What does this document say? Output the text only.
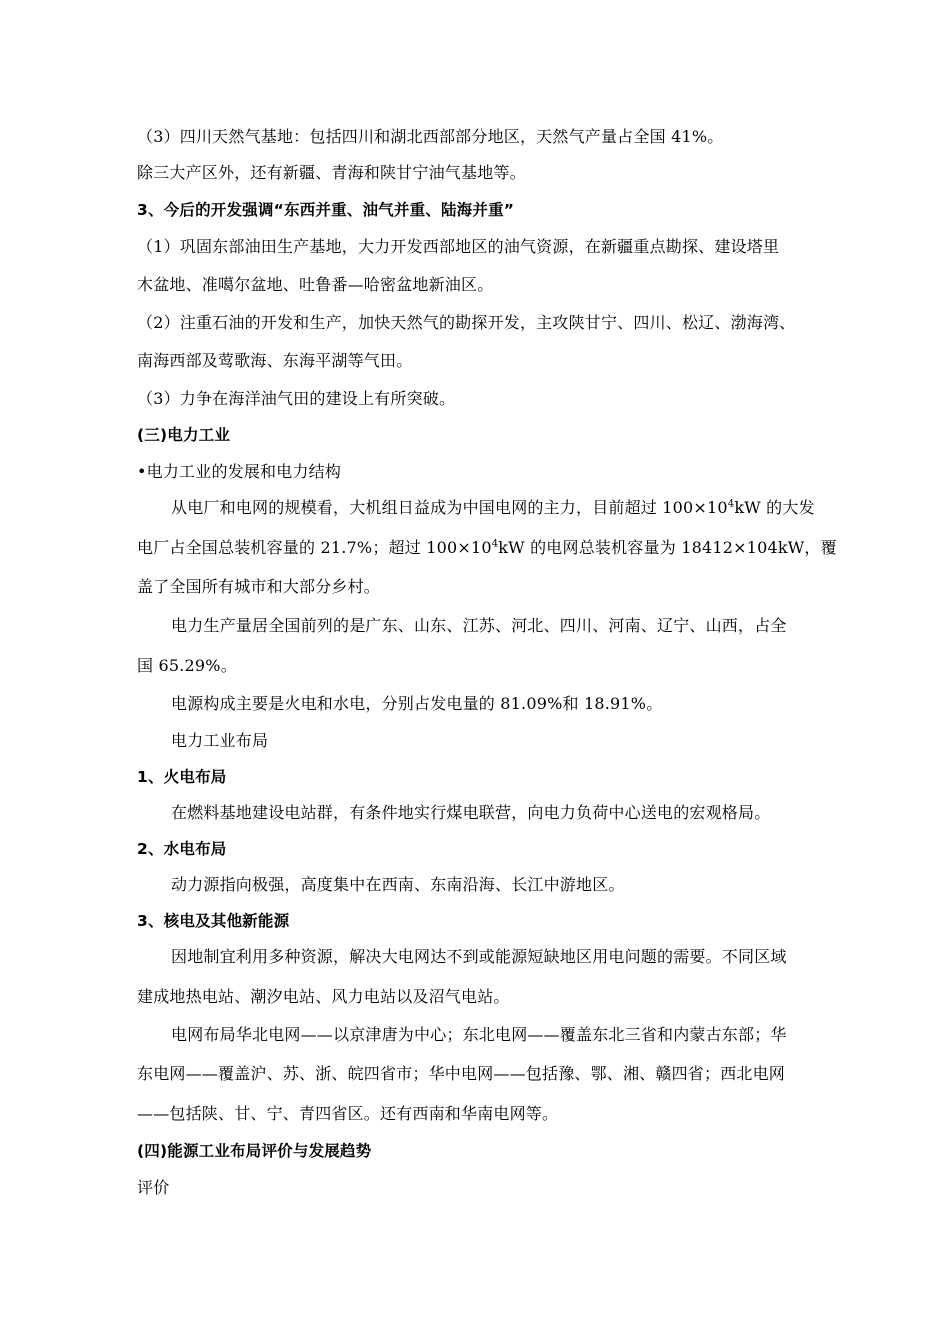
（3）四川天然气基地：包括四川和湖北西部部分地区，天然气产量占全国 41%。
除三大产区外，还有新疆、青海和陕甘宁油气基地等。
3、今后的开发强调“东西并重、油气并重、陆海并重”
（1）巩固东部油田生产基地，大力开发西部地区的油气资源，在新疆重点勘探、建设塔里
木盆地、准噶尔盆地、吐鲁番—哈密盆地新油区。
（2）注重石油的开发和生产，加快天然气的勘探开发，主攻陕甘宁、四川、松辽、渤海湾、
南海西部及莺歌海、东海平湖等气田。
（3）力争在海洋油气田的建设上有所突破。
(三)电力工业
•电力工业的发展和电力结构
从电厂和电网的规模看，大机组日益成为中国电网的主力，目前超过 $100\times 10^4kW$ 的大发
电厂占全国总装机容量的 21.7%；超过 $100\times 10^4kW$ 的电网总装机容量为 18412×104kW，覆
盖了全国所有城市和大部分乡村。
电力生产量居全国前列的是广东、山东、江苏、河北、四川、河南、辽宁、山西，占全
国 65.29%。
电源构成主要是火电和水电，分别占发电量的 81.09%和 18.91%。
电力工业布局
1、火电布局
在燃料基地建设电站群，有条件地实行煤电联营，向电力负荷中心送电的宏观格局。
2、水电布局
动力源指向极强，高度集中在西南、东南沿海、长江中游地区。
3、核电及其他新能源
因地制宜利用多种资源，解决大电网达不到或能源短缺地区用电问题的需要。不同区域
建成地热电站、潮汐电站、风力电站以及沼气电站。
电网布局华北电网——以京津唐为中心；东北电网——覆盖东北三省和内蒙古东部；华
东电网——覆盖沪、苏、浙、皖四省市；华中电网——包括豫、鄂、湘、赣四省；西北电网
——包括陕、甘、宁、青四省区。还有西南和华南电网等。
(四)能源工业布局评价与发展趋势
评价
